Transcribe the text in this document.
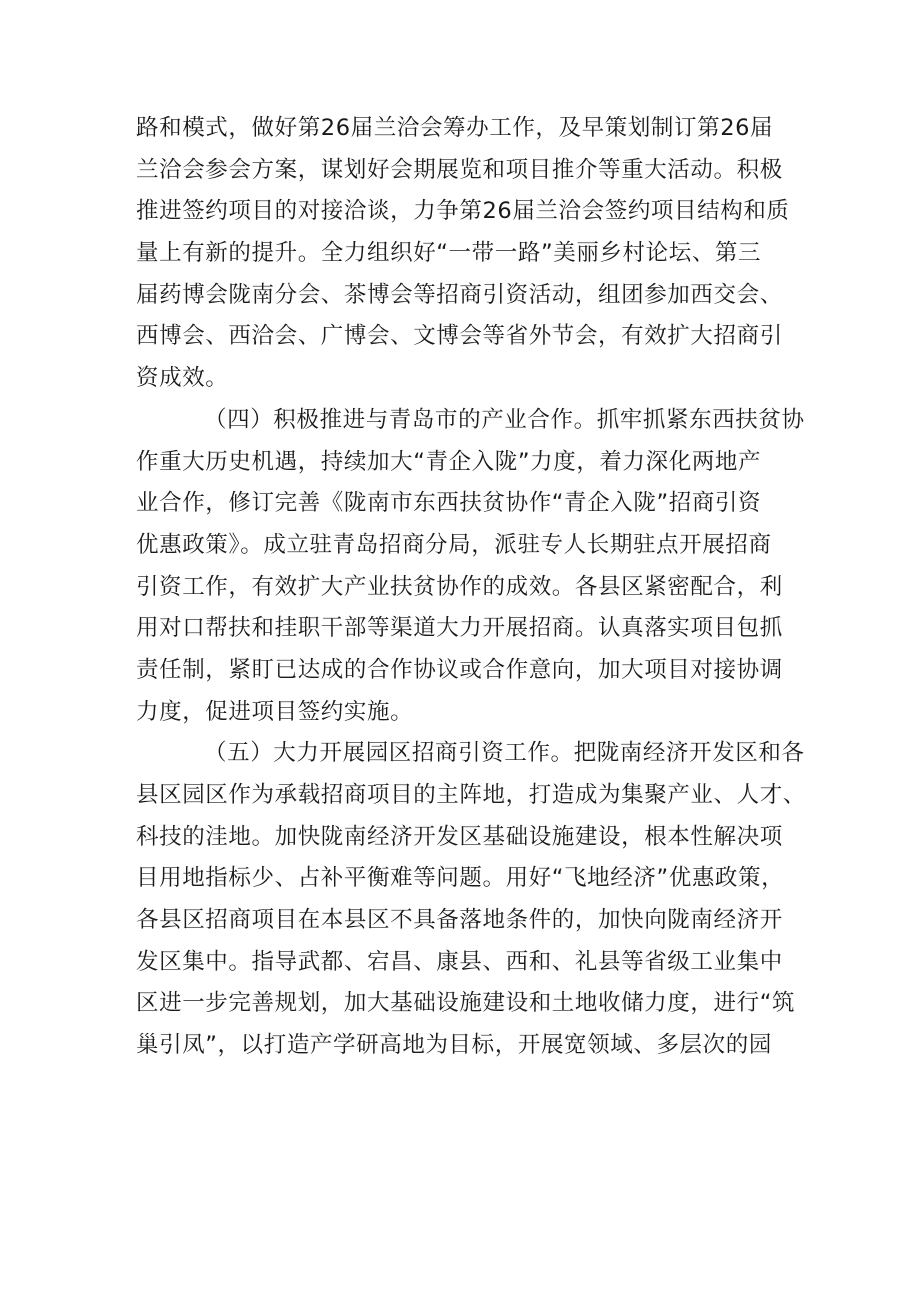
路和模式，做好第26届兰洽会筹办工作，及早策划制订第26届
兰洽会参会方案，谋划好会期展览和项目推介等重大活动。积极
推进签约项目的对接洽谈，力争第26届兰洽会签约项目结构和质
量上有新的提升。全力组织好“一带一路”美丽乡村论坛、第三
届药博会陇南分会、茶博会等招商引资活动，组团参加西交会、
西博会、西洽会、广博会、文博会等省外节会，有效扩大招商引
资成效。
（四）积极推进与青岛市的产业合作。抓牢抓紧东西扶贫协
作重大历史机遇，持续加大“青企入陇”力度，着力深化两地产
业合作，修订完善《陇南市东西扶贫协作“青企入陇”招商引资
优惠政策》。成立驻青岛招商分局，派驻专人长期驻点开展招商
引资工作，有效扩大产业扶贫协作的成效。各县区紧密配合，利
用对口帮扶和挂职干部等渠道大力开展招商。认真落实项目包抓
责任制，紧盯已达成的合作协议或合作意向，加大项目对接协调
力度，促进项目签约实施。
（五）大力开展园区招商引资工作。把陇南经济开发区和各
县区园区作为承载招商项目的主阵地，打造成为集聚产业、人才、
科技的洼地。加快陇南经济开发区基础设施建设，根本性解决项
目用地指标少、占补平衡难等问题。用好“飞地经济”优惠政策，
各县区招商项目在本县区不具备落地条件的，加快向陇南经济开
发区集中。指导武都、宕昌、康县、西和、礼县等省级工业集中
区进一步完善规划，加大基础设施建设和土地收储力度，进行“筑
巢引凤”，以打造产学研高地为目标，开展宽领域、多层次的园
